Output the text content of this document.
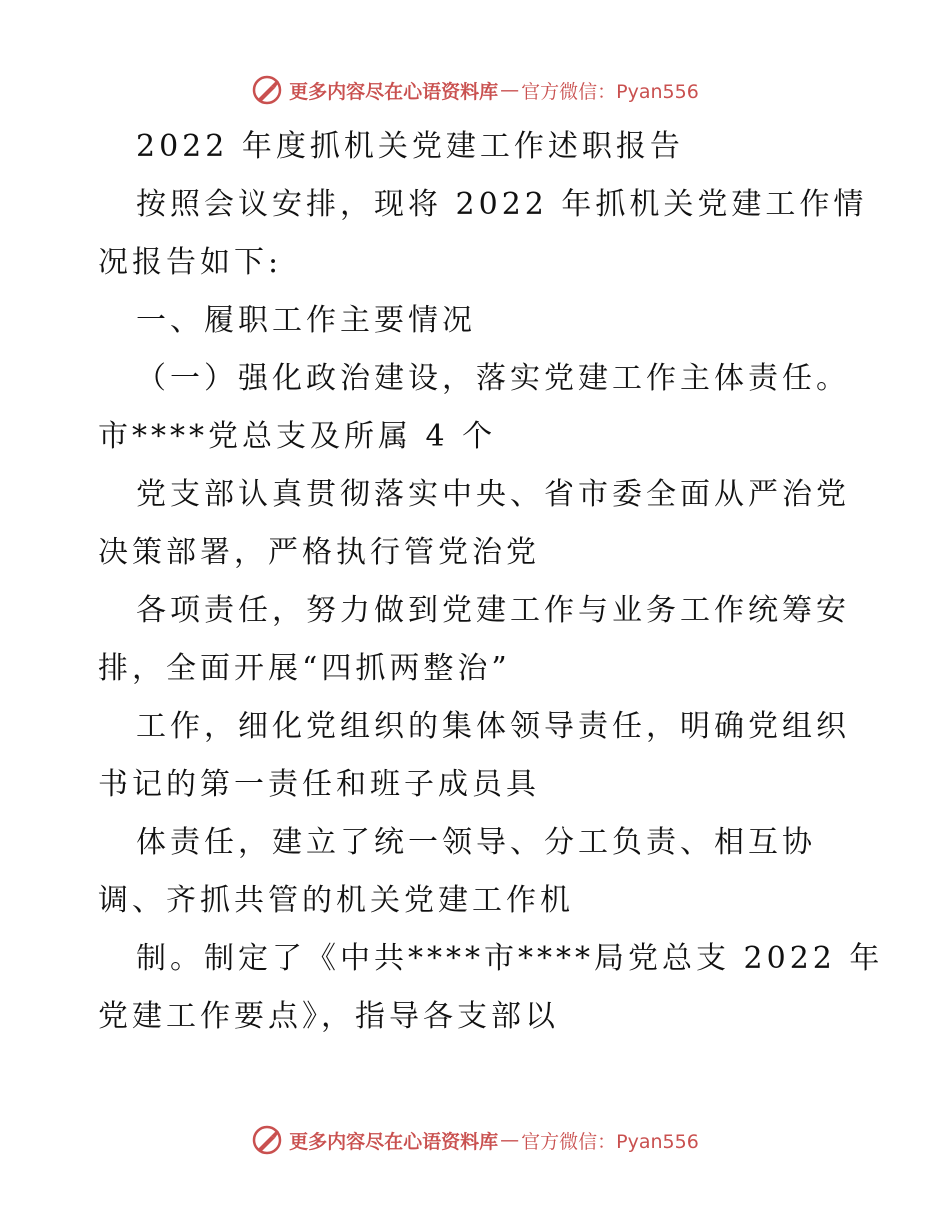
更多内容尽在心语资料库 — 官方微信：Pyan556
2022 年度抓机关党建工作述职报告
按照会议安排，现将 2022 年抓机关党建工作情
况报告如下:
一、履职工作主要情况
（一）强化政治建设，落实党建工作主体责任。
市****党总支及所属 4 个
党支部认真贯彻落实中央、省市委全面从严治党
决策部署，严格执行管党治党
各项责任，努力做到党建工作与业务工作统筹安
排，全面开展“四抓两整治”
工作，细化党组织的集体领导责任，明确党组织
书记的第一责任和班子成员具
体责任，建立了统一领导、分工负责、相互协
调、齐抓共管的机关党建工作机
制。制定了《中共****市****局党总支 2022 年
党建工作要点》，指导各支部以
更多内容尽在心语资料库 — 官方微信：Pyan556
